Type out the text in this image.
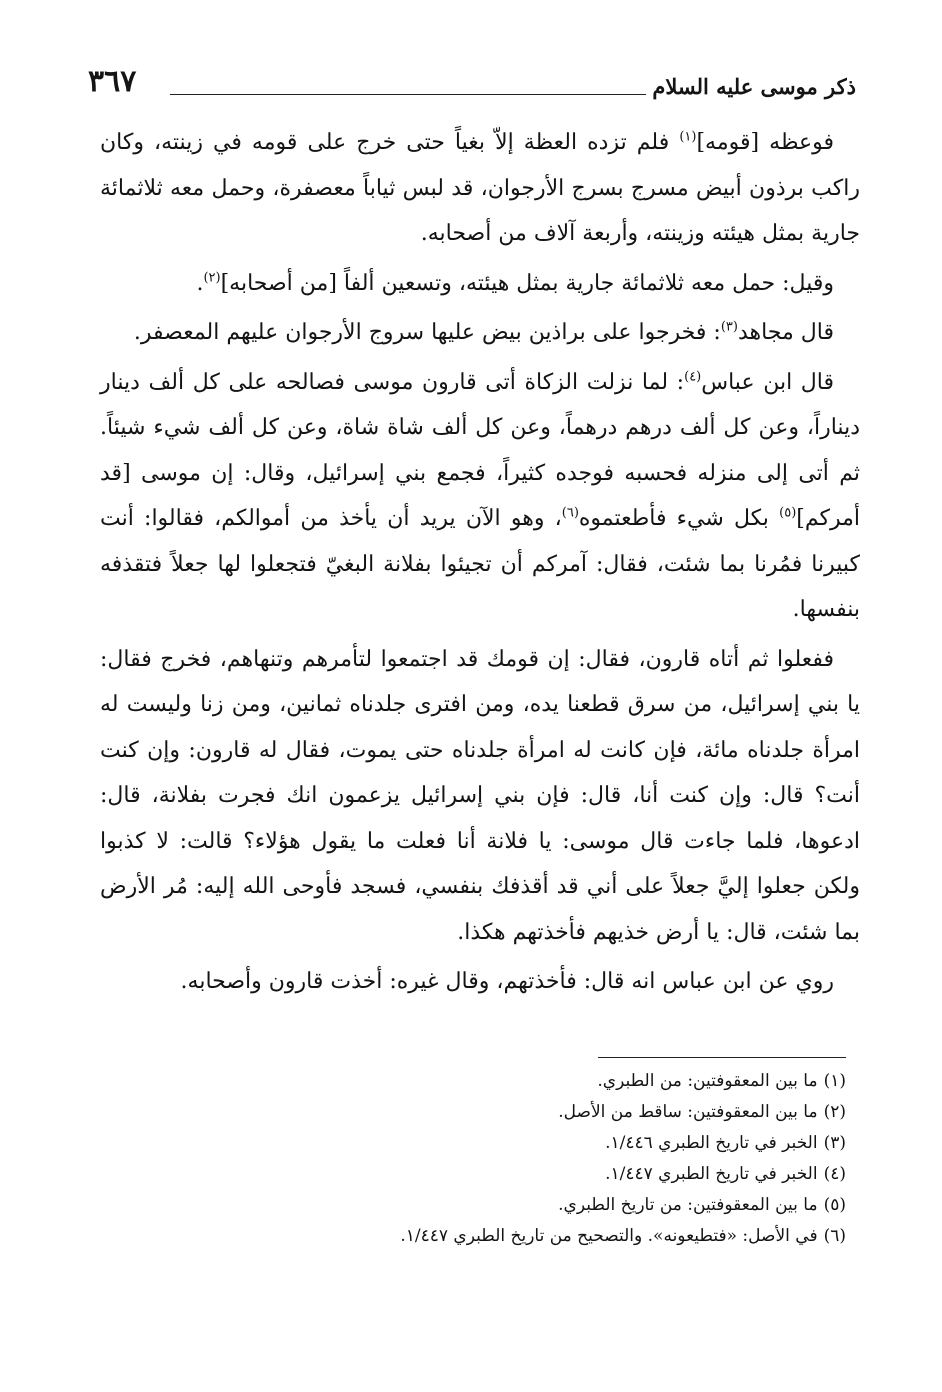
ذكر موسى عليه السلام
٣٦٧

فوعظه [قومه]$^{(١)}$ فلم تزده العظة إلاّ بغياً حتى خرج على قومه في زينته، وكان راكب برذون أبيض مسرج بسرج الأرجوان، قد لبس ثياباً معصفرة، وحمل معه ثلاثمائة جارية بمثل هيئته وزينته، وأربعة آلاف من أصحابه.

وقيل: حمل معه ثلاثمائة جارية بمثل هيئته، وتسعين ألفاً [من أصحابه]$^{(٢)}$.

قال مجاهد$^{(٣)}$: فخرجوا على براذين بيض عليها سروج الأرجوان عليهم المعصفر.

قال ابن عباس$^{(٤)}$: لما نزلت الزكاة أتى قارون موسى فصالحه على كل ألف دينار ديناراً، وعن كل ألف درهم درهماً، وعن كل ألف شاة شاة، وعن كل ألف شيء شيئاً. ثم أتى إلى منزله فحسبه فوجده كثيراً، فجمع بني إسرائيل، وقال: إن موسى [قد أمركم]$^{(٥)}$ بكل شيء فأطعتموه$^{(٦)}$، وهو الآن يريد أن يأخذ من أموالكم، فقالوا: أنت كبيرنا فمُرنا بما شئت، فقال: آمركم أن تجيئوا بفلانة البغيّ فتجعلوا لها جعلاً فتقذفه بنفسها.

ففعلوا ثم أتاه قارون، فقال: إن قومك قد اجتمعوا لتأمرهم وتنهاهم، فخرج فقال: يا بني إسرائيل، من سرق قطعنا يده، ومن افترى جلدناه ثمانين، ومن زنا وليست له امرأة جلدناه مائة، فإن كانت له امرأة جلدناه حتى يموت، فقال له قارون: وإن كنت أنت؟ قال: وإن كنت أنا، قال: فإن بني إسرائيل يزعمون انك فجرت بفلانة، قال: ادعوها، فلما جاءت قال موسى: يا فلانة أنا فعلت ما يقول هؤلاء؟ قالت: لا كذبوا ولكن جعلوا إليَّ جعلاً على أني قد أقذفك بنفسي، فسجد فأوحى الله إليه: مُر الأرض بما شئت، قال: يا أرض خذيهم فأخذتهم هكذا.

روي عن ابن عباس انه قال: فأخذتهم، وقال غيره: أخذت قارون وأصحابه.

(١)ما بين المعقوفتين: من الطبري.
(٢)ما بين المعقوفتين: ساقط من الأصل.
(٣)الخبر في تاريخ الطبري ١/٤٤٦.
(٤)الخبر في تاريخ الطبري ١/٤٤٧.
(٥)ما بين المعقوفتين: من تاريخ الطبري.
(٦)في الأصل: «فتطيعونه». والتصحيح من تاريخ الطبري ١/٤٤٧.
